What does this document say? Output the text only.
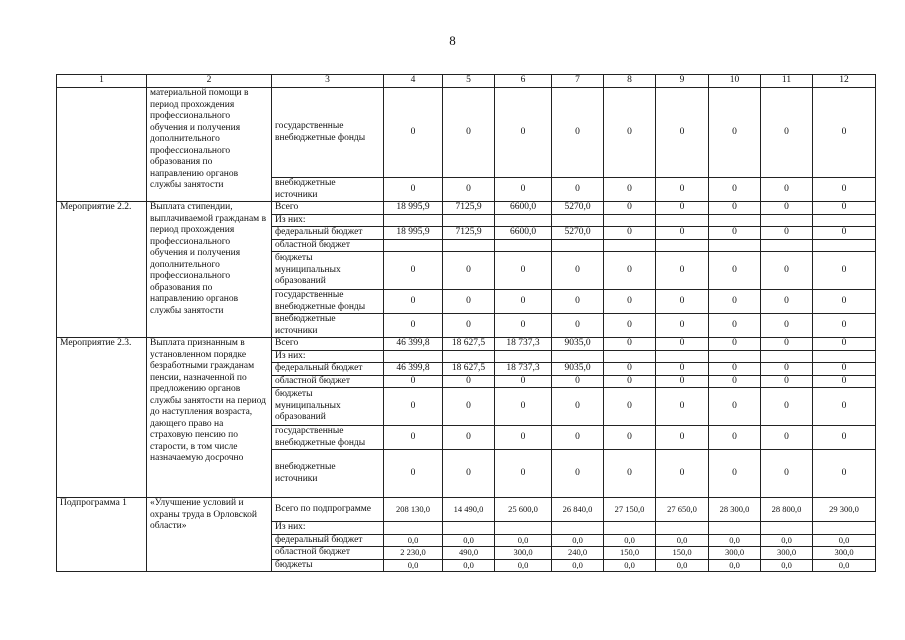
8
1	2	3	4	5	6	7	8	9	10	11	12
	материальной помощи в период прохождения профессионального обучения и получения дополнительного профессионального образования по направлению органов службы занятости	государственные внебюджетные фонды	0	0	0	0	0	0	0	0	0
		внебюджетные источники	0	0	0	0	0	0	0	0	0
Мероприятие 2.2.	Выплата стипендии, выплачиваемой гражданам в период прохождения профессионального обучения и получения дополнительного профессионального образования по направлению органов службы занятости	Всего	18 995,9	7125,9	6600,0	5270,0	0	0	0	0	0
		Из них:									
		федеральный бюджет	18 995,9	7125,9	6600,0	5270,0	0	0	0	0	0
		областной бюджет									
		бюджеты муниципальных образований	0	0	0	0	0	0	0	0	0
		государственные внебюджетные фонды	0	0	0	0	0	0	0	0	0
		внебюджетные источники	0	0	0	0	0	0	0	0	0
Мероприятие 2.3.	Выплата признанным в установленном порядке безработными гражданам пенсии, назначенной по предложению органов службы занятости на период до наступления возраста, дающего право на страховую пенсию по старости, в том числе назначаемую досрочно	Всего	46 399,8	18 627,5	18 737,3	9035,0	0	0	0	0	0
		Из них:									
		федеральный бюджет	46 399,8	18 627,5	18 737,3	9035,0	0	0	0	0	0
		областной бюджет	0	0	0	0	0	0	0	0	0
		бюджеты муниципальных образований	0	0	0	0	0	0	0	0	0
		государственные внебюджетные фонды	0	0	0	0	0	0	0	0	0
		внебюджетные источники	0	0	0	0	0	0	0	0	0
Подпрограмма 1	«Улучшение условий и охраны труда в Орловской области»	Всего по подпрограмме	208 130,0	14 490,0	25 600,0	26 840,0	27 150,0	27 650,0	28 300,0	28 800,0	29 300,0
		Из них:									
		федеральный бюджет	0,0	0,0	0,0	0,0	0,0	0,0	0,0	0,0	0,0
		областной бюджет	2 230,0	490,0	300,0	240,0	150,0	150,0	300,0	300,0	300,0
		бюджеты	0,0	0,0	0,0	0,0	0,0	0,0	0,0	0,0	0,0
